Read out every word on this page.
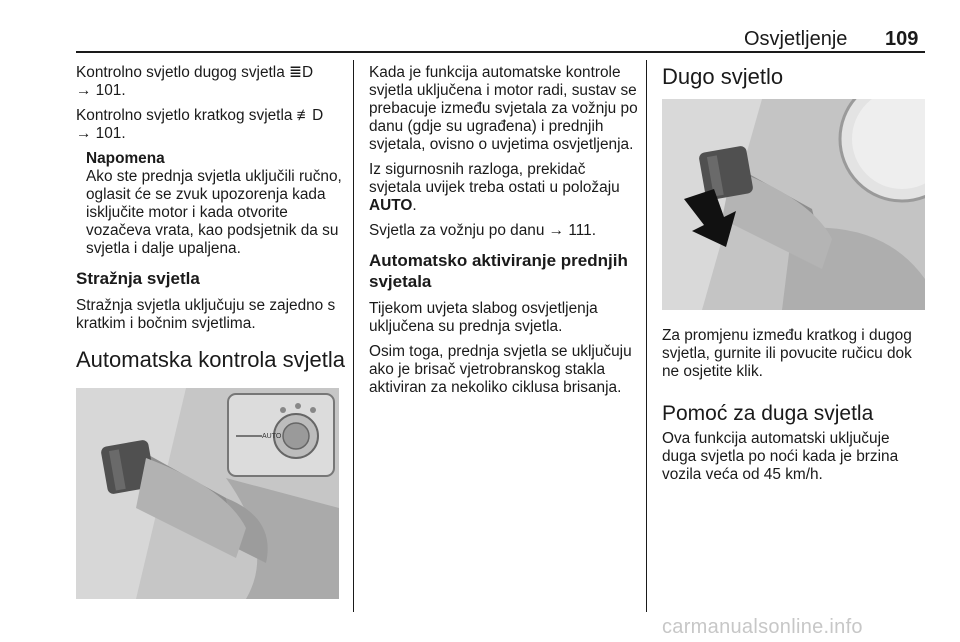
Osvjetljenje 109

Kontrolno svjetlo dugog svjetla ≣D

→ 101.

Kontrolno svjetlo kratkog svjetla ≢D

→ 101.

Napomena
Ako ste prednja svjetla uključili ručno, oglasit će se zvuk upozorenja kada isključite motor i kada otvorite vozačeva vrata, kao podsjetnik da su svjetla i dalje upaljena.
Stražnja svjetla

Stražnja svjetla uključuju se zajedno s kratkim i bočnim svjetlima.

Automatska kontrola svjetla
AUTO

Kada je funkcija automatske kontrole svjetla uključena i motor radi, sustav se prebacuje između svjetala za vožnju po danu (gdje su ugrađena) i prednjih svjetala, ovisno o uvjetima osvjetljenja.

Iz sigurnosnih razloga, prekidač svjetala uvijek treba ostati u položaju AUTO.

Svjetla za vožnju po danu → 111.

Automatsko aktiviranje prednjih svjetala

Tijekom uvjeta slabog osvjetljenja uključena su prednja svjetla.

Osim toga, prednja svjetla se uključuju ako je brisač vjetrobranskog stakla aktiviran za nekoliko ciklusa brisanja.

Dugo svjetlo

Za promjenu između kratkog i dugog svjetla, gurnite ili povucite ručicu dok ne osjetite klik.

Pomoć za duga svjetla

Ova funkcija automatski uključuje duga svjetla po noći kada je brzina vozila veća od 45 km/h.

carmanualsonline.info
